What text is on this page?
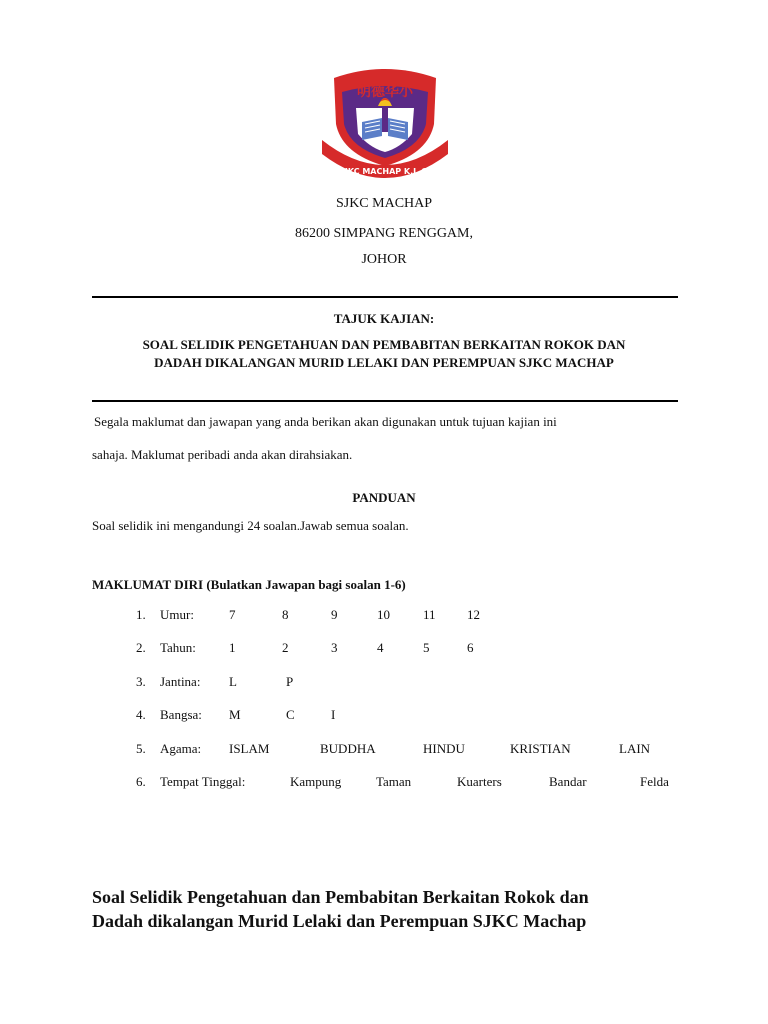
明德华小
SJKC MACHAP K.L.G.
SJKC MACHAP
86200 SIMPANG RENGGAM,
JOHOR
TAJUK KAJIAN:
SOAL SELIDIK PENGETAHUAN DAN PEMBABITAN BERKAITAN ROKOK DAN
DADAH DIKALANGAN MURID LELAKI DAN PEREMPUAN SJKC MACHAP
Segala maklumat dan jawapan yang anda berikan akan digunakan untuk tujuan kajian ini
sahaja. Maklumat peribadi anda akan dirahsiakan.
PANDUAN
Soal selidik ini mengandungi 24 soalan.Jawab semua soalan.
MAKLUMAT DIRI (Bulatkan Jawapan bagi soalan 1-6)
1. Umur:	7	8	9	10	11 12
2. Tahun:	1	2	3	4	5	6
3. Jantina: L	P
4. Bangsa: M	C	I
5. Agama: ISLAM	BUDDHA	HINDU	KRISTIAN	LAIN
6. Tempat Tinggal:	Kampung	Taman	Kuarters	Bandar	Felda
Soal Selidik Pengetahuan dan Pembabitan Berkaitan Rokok dan
Dadah dikalangan Murid Lelaki dan Perempuan SJKC Machap
